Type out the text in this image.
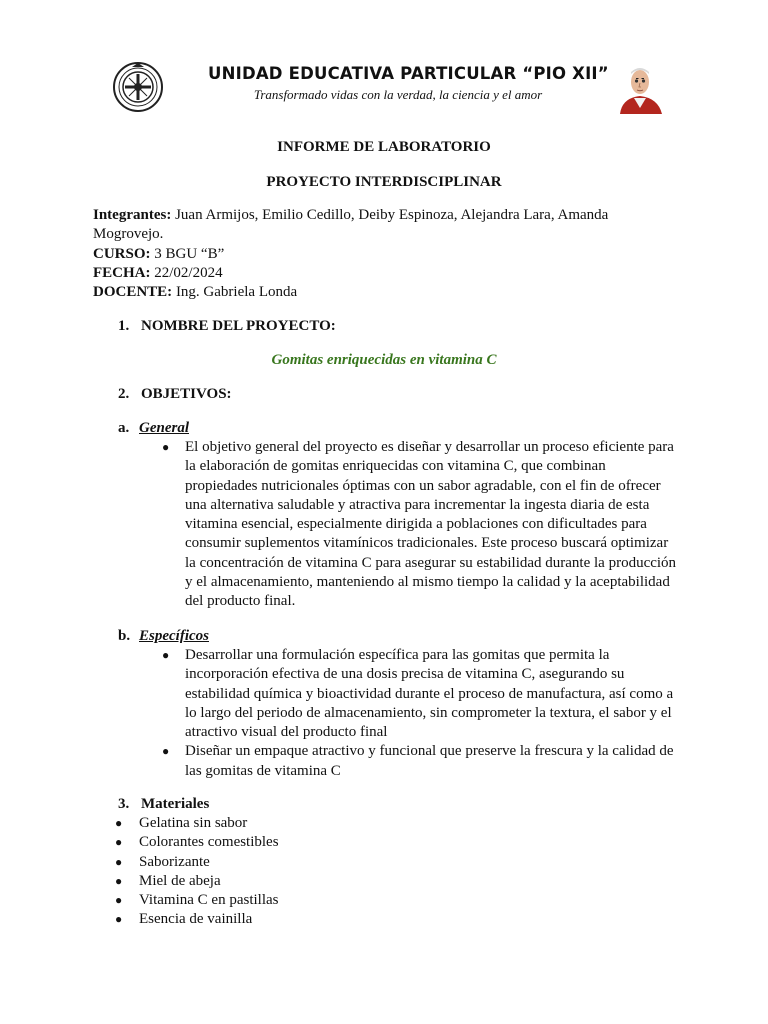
UNIDAD EDUCATIVA PARTICULAR “PIO XII”
Transformado vidas con la verdad, la ciencia y el amor
INFORME DE LABORATORIO
PROYECTO INTERDISCIPLINAR
Integrantes: Juan Armijos, Emilio Cedillo, Deiby Espinoza, Alejandra Lara, Amanda Mogrovejo.
CURSO: 3 BGU “B”
FECHA: 22/02/2024
DOCENTE: Ing. Gabriela Londa
1. NOMBRE DEL PROYECTO:
Gomitas enriquecidas en vitamina C
2. OBJETIVOS:
a. General
● El objetivo general del proyecto es diseñar y desarrollar un proceso eficiente para la elaboración de gomitas enriquecidas con vitamina C, que combinan propiedades nutricionales óptimas con un sabor agradable, con el fin de ofrecer una alternativa saludable y atractiva para incrementar la ingesta diaria de esta vitamina esencial, especialmente dirigida a poblaciones con dificultades para consumir suplementos vitamínicos tradicionales. Este proceso buscará optimizar la concentración de vitamina C para asegurar su estabilidad durante la producción y el almacenamiento, manteniendo al mismo tiempo la calidad y la aceptabilidad del producto final.
b. Específicos
● Desarrollar una formulación específica para las gomitas que permita la incorporación efectiva de una dosis precisa de vitamina C, asegurando su estabilidad química y bioactividad durante el proceso de manufactura, así como a lo largo del periodo de almacenamiento, sin comprometer la textura, el sabor y el atractivo visual del producto final
● Diseñar un empaque atractivo y funcional que preserve la frescura y la calidad de las gomitas de vitamina C
3. Materiales
● Gelatina sin sabor
● Colorantes comestibles
● Saborizante
● Miel de abeja
● Vitamina C en pastillas
● Esencia de vainilla
